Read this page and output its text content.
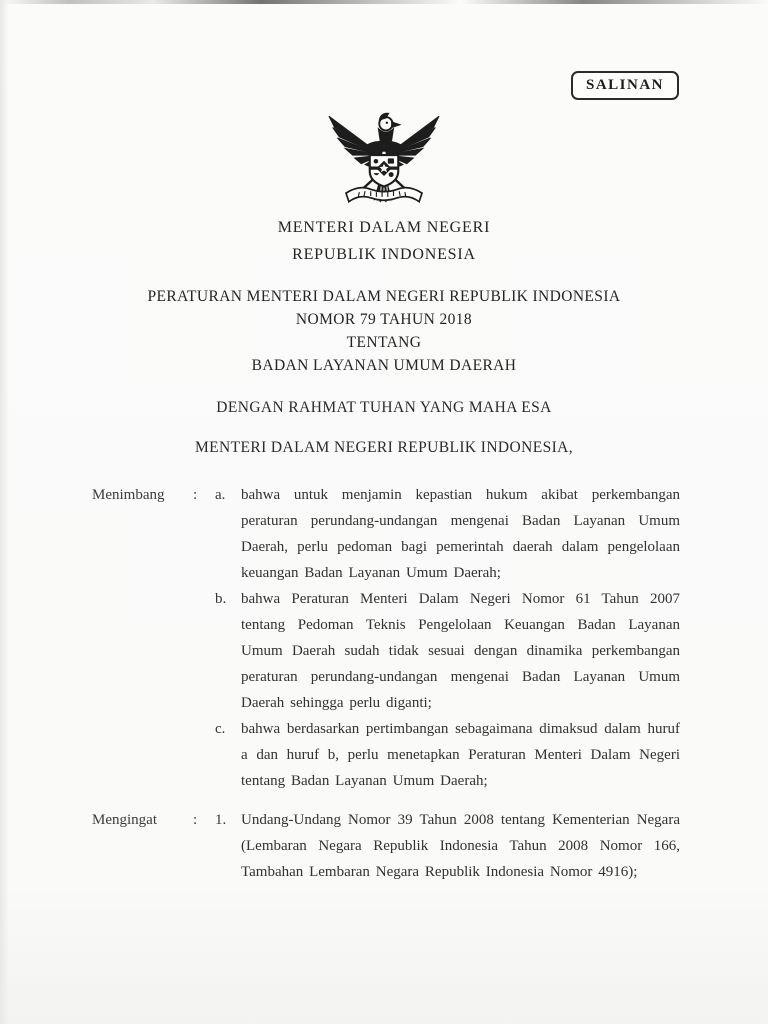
SALINAN
MENTERI DALAM NEGERI
REPUBLIK INDONESIA
PERATURAN MENTERI DALAM NEGERI REPUBLIK INDONESIA
NOMOR 79 TAHUN 2018
TENTANG
BADAN LAYANAN UMUM DAERAH
DENGAN RAHMAT TUHAN YANG MAHA ESA
MENTERI DALAM NEGERI REPUBLIK INDONESIA,
Menimbang	:	a.	bahwa untuk menjamin kepastian hukum akibat perkembangan peraturan perundang-undangan mengenai Badan Layanan Umum Daerah, perlu pedoman bagi pemerintah daerah dalam pengelolaan keuangan Badan Layanan Umum Daerah;
b. bahwa Peraturan Menteri Dalam Negeri Nomor 61 Tahun 2007 tentang Pedoman Teknis Pengelolaan Keuangan Badan Layanan Umum Daerah sudah tidak sesuai dengan dinamika perkembangan peraturan perundang-undangan mengenai Badan Layanan Umum Daerah sehingga perlu diganti;
c.	bahwa berdasarkan pertimbangan sebagaimana dimaksud dalam huruf a dan huruf b, perlu menetapkan Peraturan Menteri Dalam Negeri tentang Badan Layanan Umum Daerah;
Mengingat	:	1. Undang-Undang Nomor 39 Tahun 2008 tentang Kementerian Negara (Lembaran Negara Republik Indonesia Tahun 2008 Nomor 166, Tambahan Lembaran Negara Republik Indonesia Nomor 4916);
